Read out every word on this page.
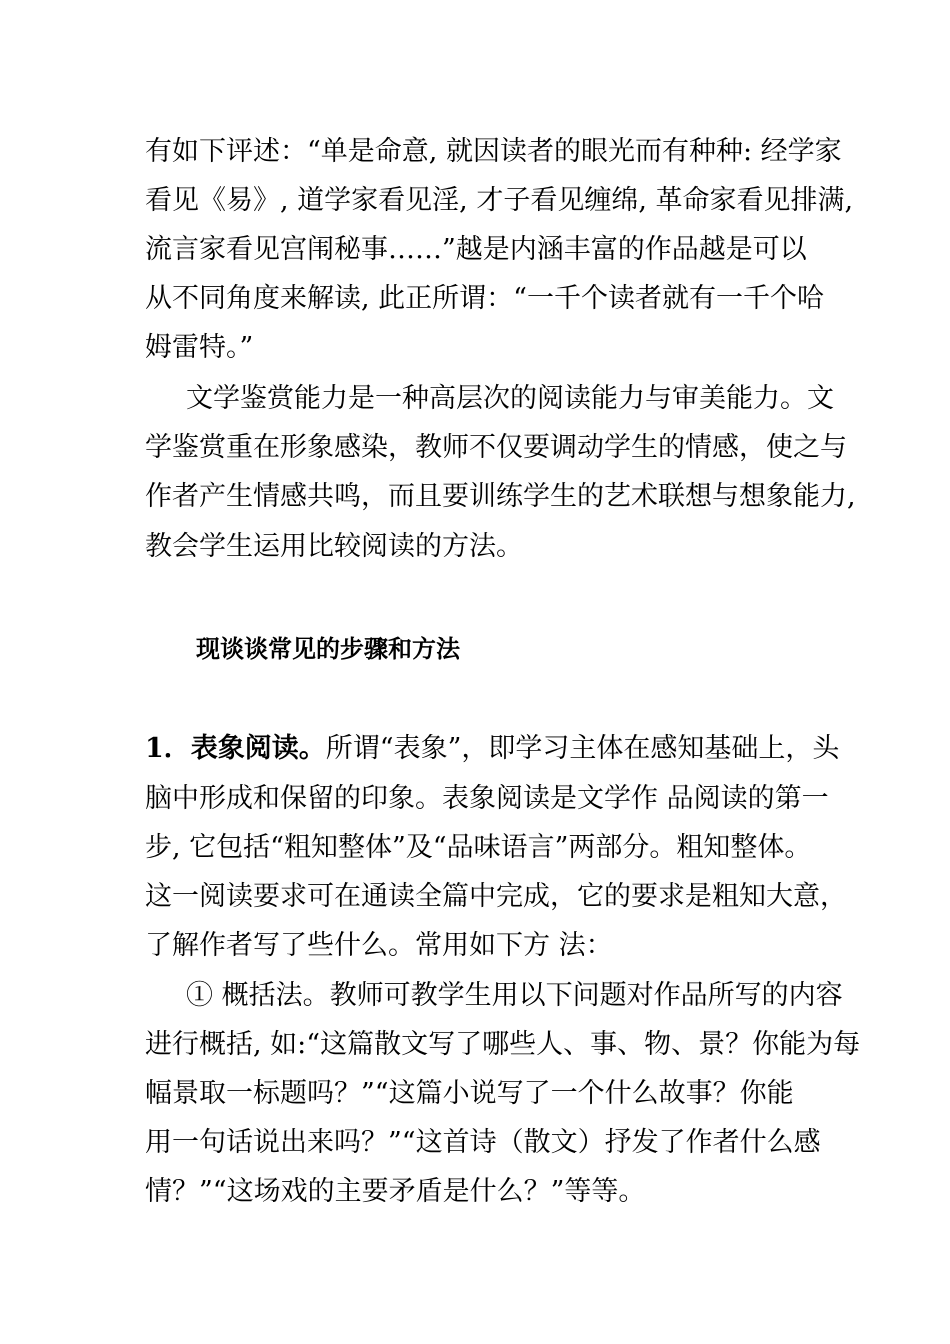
有如下评述：“单是命意, 就因读者的眼光而有种种: 经学家
看见《易》, 道学家看见淫, 才子看见缠绵, 革命家看见排满,
流言家看见宫闱秘事……”越是内涵丰富的作品越是可以
从不同角度来解读, 此正所谓：“一千个读者就有一千个哈
姆雷特。”
文学鉴赏能力是一种高层次的阅读能力与审美能力。文
学鉴赏重在形象感染，教师不仅要调动学生的情感，使之与
作者产生情感共鸣，而且要训练学生的艺术联想与想象能力,
教会学生运用比较阅读的方法。
现谈谈常见的步骤和方法
1．表象阅读。所谓“表象”，即学习主体在感知基础上，头
脑中形成和保留的印象。表象阅读是文学作 品阅读的第一
步, 它包括“粗知整体”及“品味语言”两部分。粗知整体。
这一阅读要求可在通读全篇中完成，它的要求是粗知大意，
了解作者写了些什么。常用如下方 法：
① 概括法。教师可教学生用以下问题对作品所写的内容
进行概括, 如:“这篇散文写了哪些人、事、物、景？你能为每
幅景取一标题吗？”“这篇小说写了一个什么故事？你能
用一句话说出来吗？”“这首诗（散文）抒发了作者什么感
情？”“这场戏的主要矛盾是什么？”等等。
